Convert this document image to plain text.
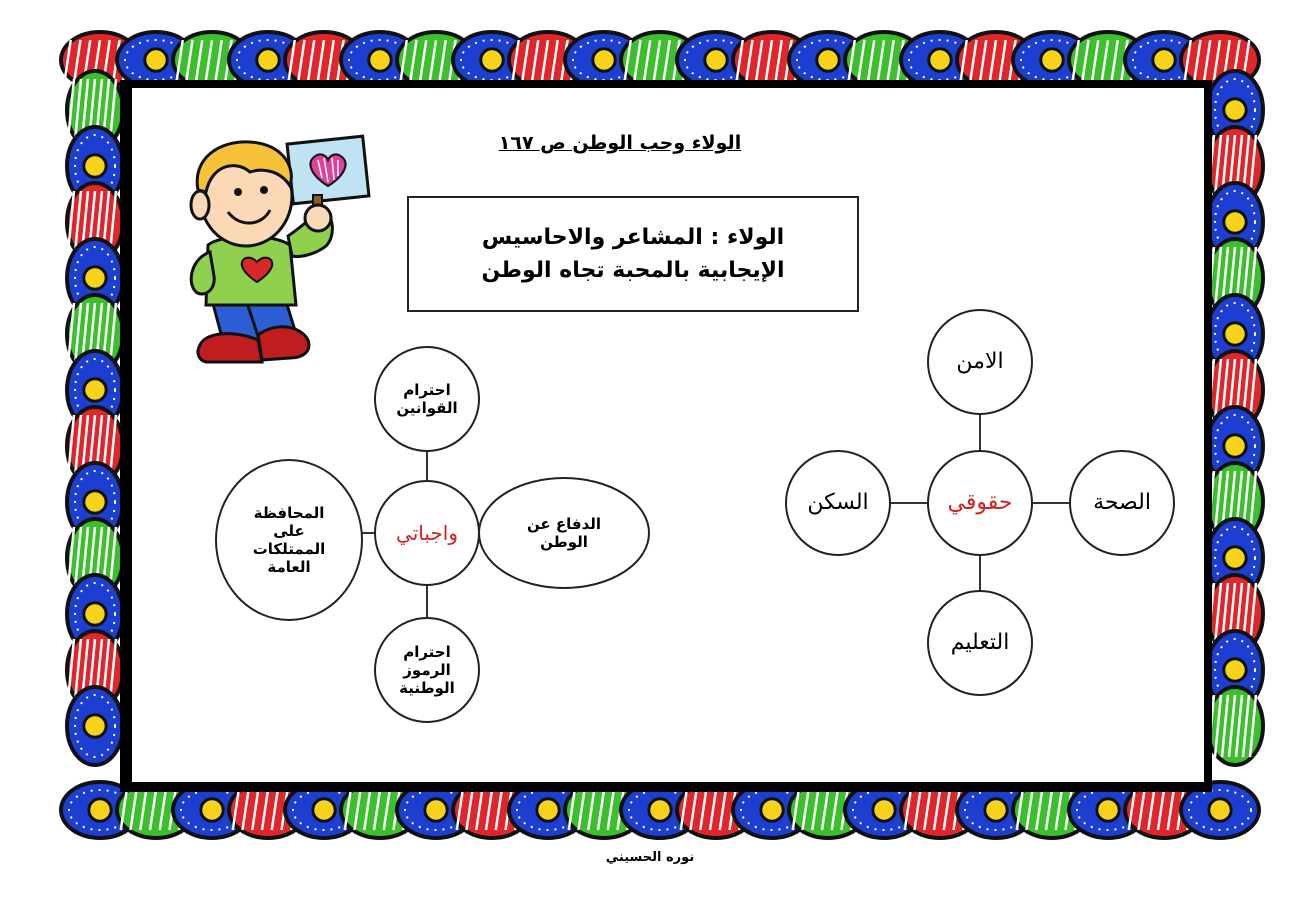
الولاء وحب الوطن ص ١٦٧
الولاء : المشاعر والاحاسيس الإيجابية بالمحبة تجاه الوطن
واجباتي
احترام القوانين
احترام الرموز الوطنية
المحافظة على الممتلكات العامة
الدفاع عن الوطن
حقوقي
الامن
التعليم
السكن	الصحة
نوره الحسيني
